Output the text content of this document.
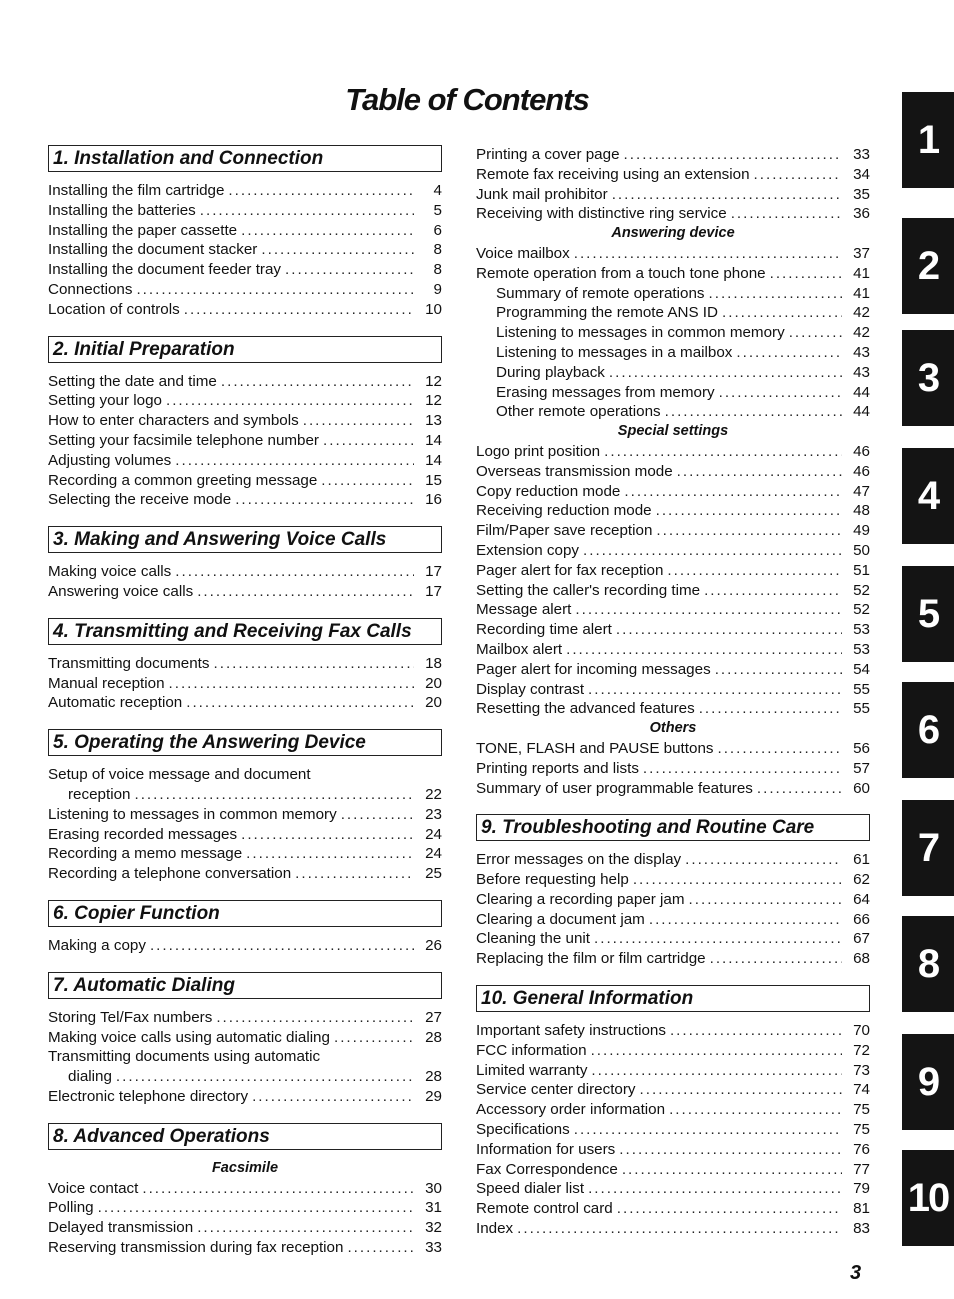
Table of Contents
1. Installation and Connection
Installing the film cartridge .....	4
Installing the batteries .....	5
Installing the paper cassette .....	6
Installing the document stacker .....	8
Installing the document feeder tray .....	8
Connections .....	9
Location of controls .....	10
2. Initial Preparation
Setting the date and time .....	12
Setting your logo .....	12
How to enter characters and symbols .....	13
Setting your facsimile telephone number .....	14
Adjusting volumes .....	14
Recording a common greeting message .....	15
Selecting the receive mode .....	16
3. Making and Answering Voice Calls
Making voice calls .....	17
Answering voice calls .....	17
4. Transmitting and Receiving Fax Calls
Transmitting documents .....	18
Manual reception .....	20
Automatic reception .....	20
5. Operating the Answering Device
Setup of voice message and document
reception .....	22
Listening to messages in common memory .....	23
Erasing recorded messages .....	24
Recording a memo message .....	24
Recording a telephone conversation .....	25
6. Copier Function
Making a copy .....	26
7. Automatic Dialing
Storing Tel/Fax numbers .....	27
Making voice calls using automatic dialing .....	28
Transmitting documents using automatic
dialing .....	28
Electronic telephone directory .....	29
8. Advanced Operations
Facsimile
Voice contact .....	30
Polling .....	31
Delayed transmission .....	32
Reserving transmission during fax reception .....	33
Printing a cover page .....	33
Remote fax receiving using an extension .....	34
Junk mail prohibitor .....	35
Receiving with distinctive ring service .....	36
Answering device
Voice mailbox .....	37
Remote operation from a touch tone phone .....	41
Summary of remote operations .....	41
Programming the remote ANS ID .....	42
Listening to messages in common memory .....	42
Listening to messages in a mailbox .....	43
During playback .....	43
Erasing messages from memory .....	44
Other remote operations .....	44
Special settings
Logo print position .....	46
Overseas transmission mode .....	46
Copy reduction mode .....	47
Receiving reduction mode .....	48
Film/Paper save reception .....	49
Extension copy .....	50
Pager alert for fax reception .....	51
Setting the caller's recording time .....	52
Message alert .....	52
Recording time alert .....	53
Mailbox alert .....	53
Pager alert for incoming messages .....	54
Display contrast .....	55
Resetting the advanced features .....	55
Others
TONE, FLASH and PAUSE buttons .....	56
Printing reports and lists .....	57
Summary of user programmable features .....	60
9. Troubleshooting and Routine Care
Error messages on the display .....	61
Before requesting help .....	62
Clearing a recording paper jam .....	64
Clearing a document jam .....	66
Cleaning the unit .....	67
Replacing the film or film cartridge .....	68
10. General Information
Important safety instructions .....	70
FCC information .....	72
Limited warranty .....	73
Service center directory .....	74
Accessory order information .....	75
Specifications .....	75
Information for users .....	76
Fax Correspondence .....	77
Speed dialer list .....	79
Remote control card .....	81
Index .....	83
1
2
3
4
5
6
7
8
9
10
3
